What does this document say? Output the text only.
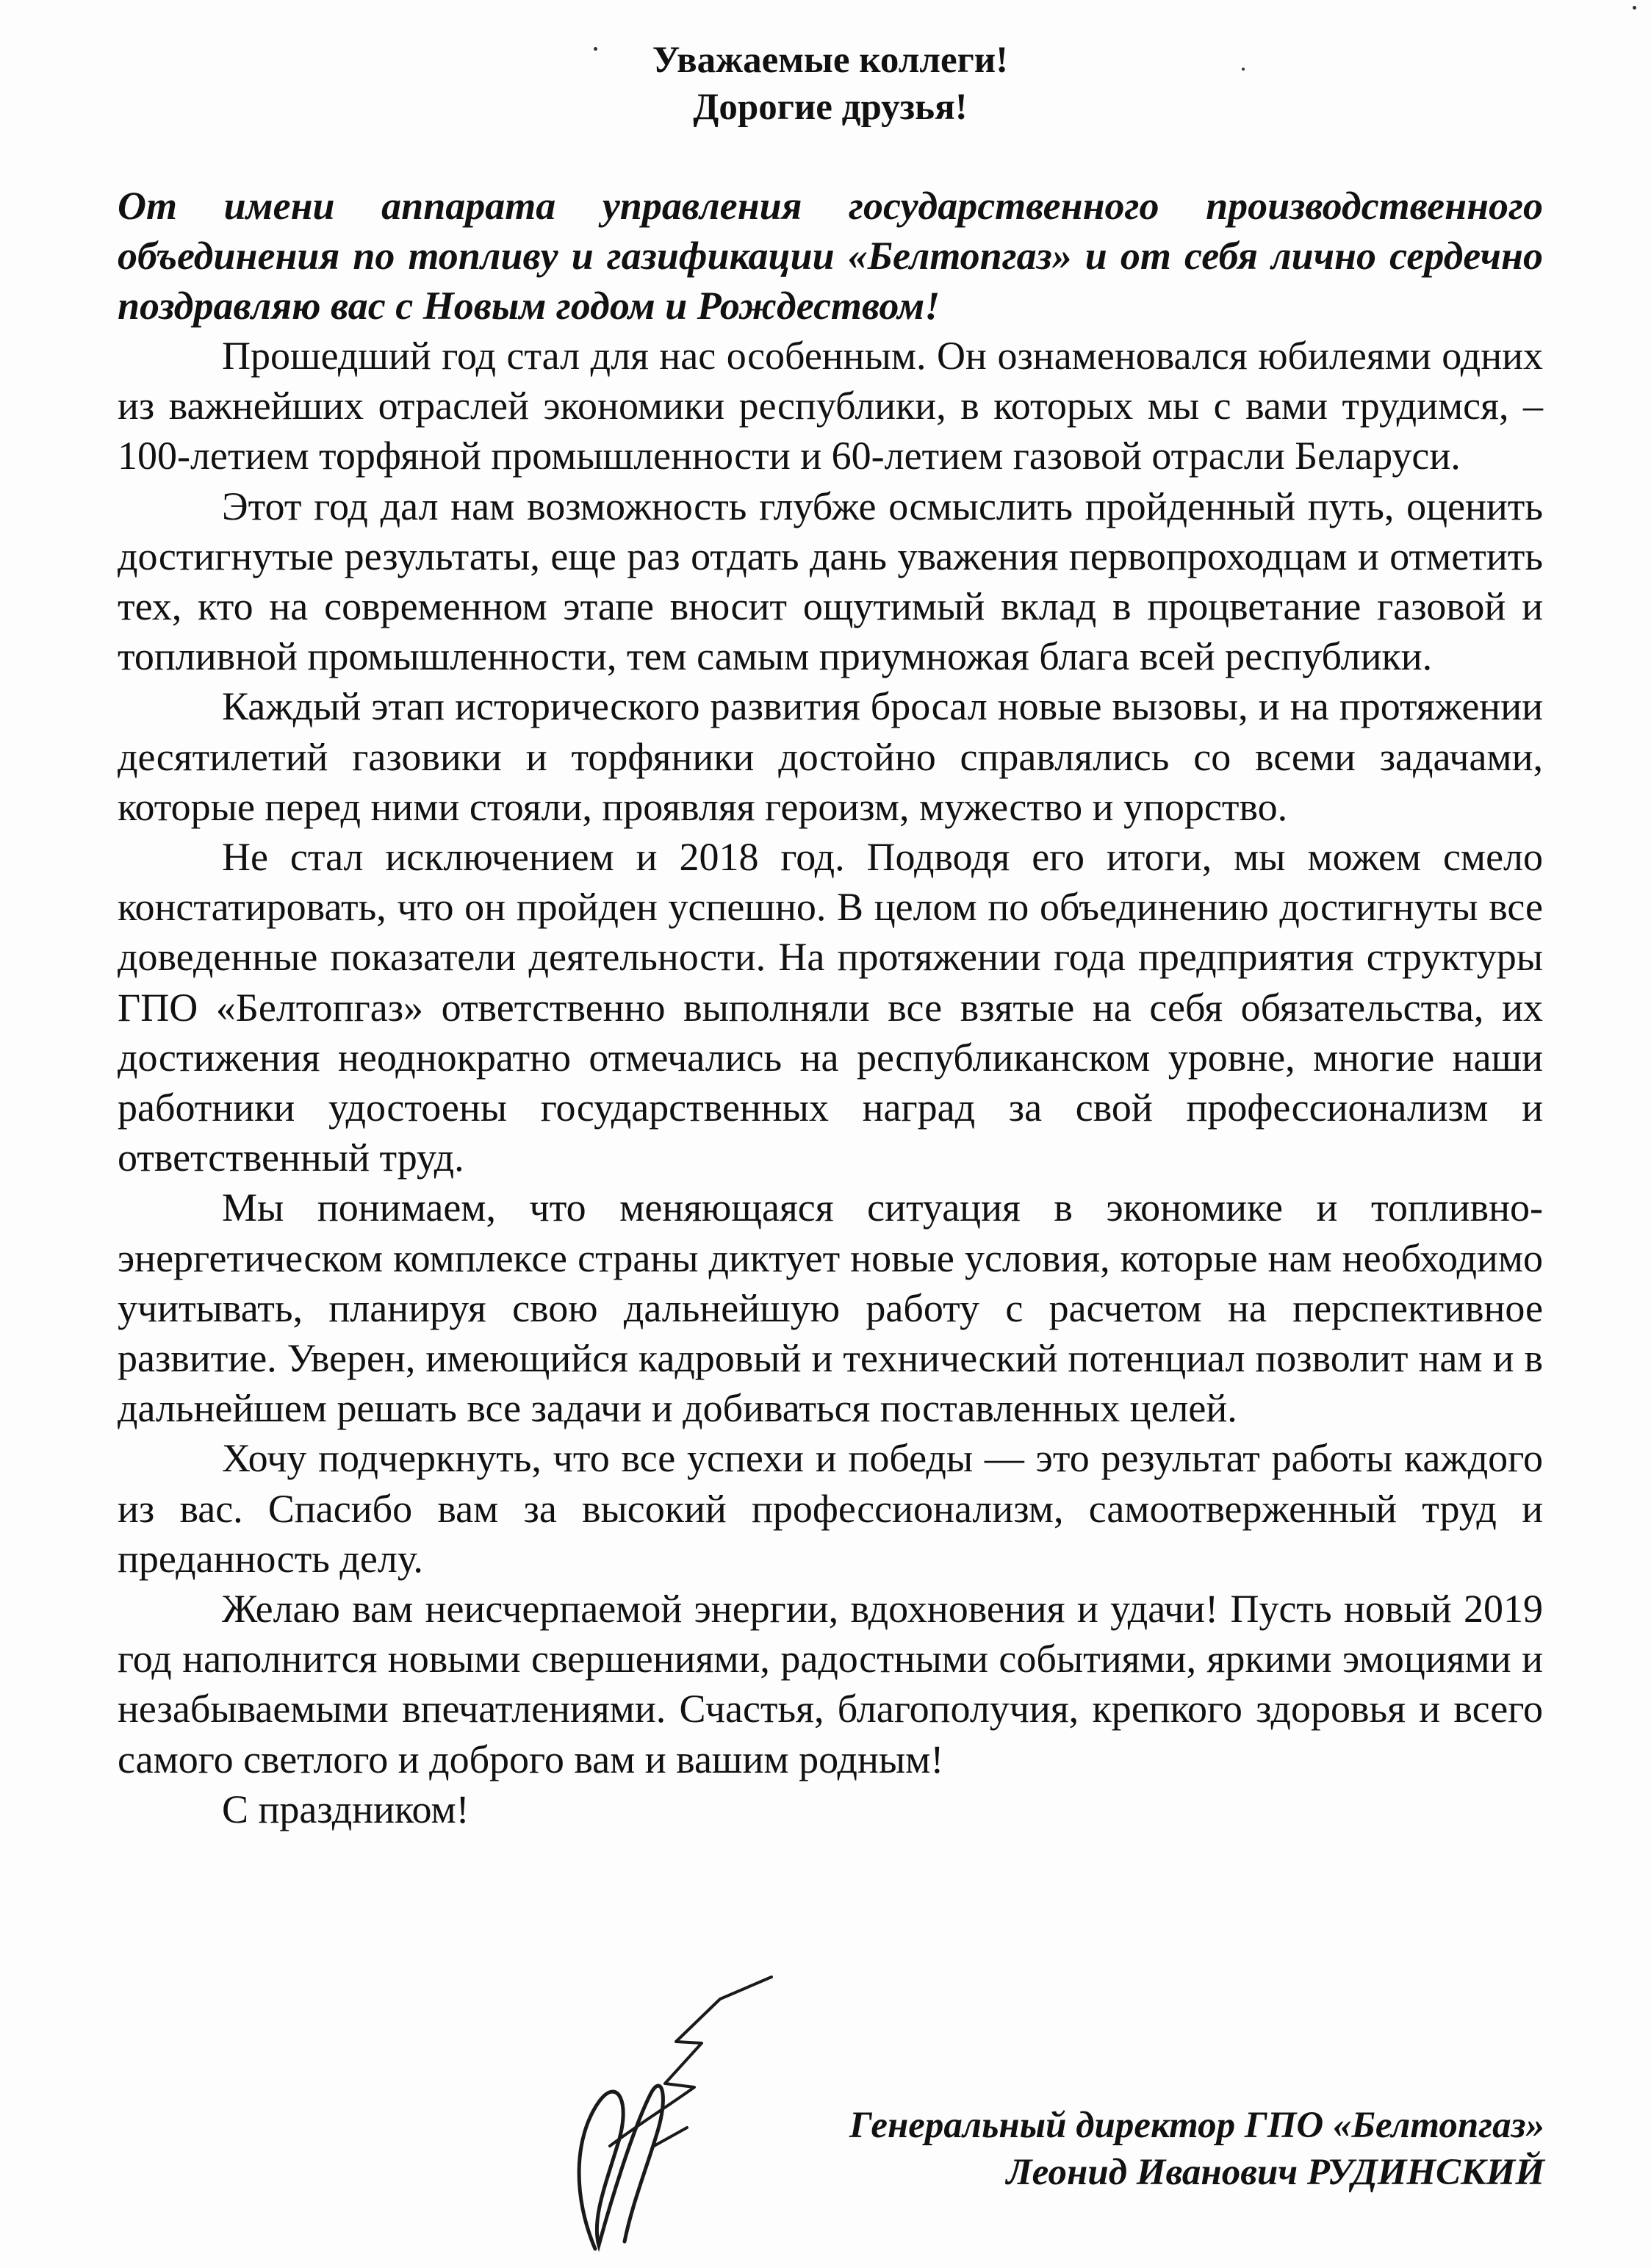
Уважаемые коллеги!
Дорогие друзья!

От имени аппарата управления государственного производственного объединения по топливу и газификации «Белтопгаз» и от себя лично сердечно поздравляю вас с Новым годом и Рождеством!

Прошедший год стал для нас особенным. Он ознаменовался юбилеями одних из важнейших отраслей экономики республики, в которых мы с вами трудимся, – 100-летием торфяной промышленности и 60-летием газовой отрасли Беларуси.

Этот год дал нам возможность глубже осмыслить пройденный путь, оценить достигнутые результаты, еще раз отдать дань уважения первопроходцам и отметить тех, кто на современном этапе вносит ощутимый вклад в процветание газовой и топливной промышленности, тем самым приумножая блага всей республики.

Каждый этап исторического развития бросал новые вызовы, и на протяжении десятилетий газовики и торфяники достойно справлялись со всеми задачами, которые перед ними стояли, проявляя героизм, мужество и упорство.

Не стал исключением и 2018 год. Подводя его итоги, мы можем смело констатировать, что он пройден успешно. В целом по объединению достигнуты все доведенные показатели деятельности. На протяжении года предприятия структуры ГПО «Белтопгаз» ответственно выполняли все взятые на себя обязательства, их достижения неоднократно отмечались на республиканском уровне, многие наши работники удостоены государственных наград за свой профессионализм и ответственный труд.

Мы понимаем, что меняющаяся ситуация в экономике и топливно-энергетическом комплексе страны диктует новые условия, которые нам необходимо учитывать, планируя свою дальнейшую работу с расчетом на перспективное развитие. Уверен, имеющийся кадровый и технический потенциал позволит нам и в дальнейшем решать все задачи и добиваться поставленных целей.

Хочу подчеркнуть, что все успехи и победы — это результат работы каждого из вас. Спасибо вам за высокий профессионализм, самоотверженный труд и преданность делу.

Желаю вам неисчерпаемой энергии, вдохновения и удачи! Пусть новый 2019 год наполнится новыми свершениями, радостными событиями, яркими эмоциями и незабываемыми впечатлениями. Счастья, благополучия, крепкого здоровья и всего самого светлого и доброго вам и вашим родным!

С праздником!

Генеральный директор ГПО «Белтопгаз»
Леонид Иванович РУДИНСКИЙ
